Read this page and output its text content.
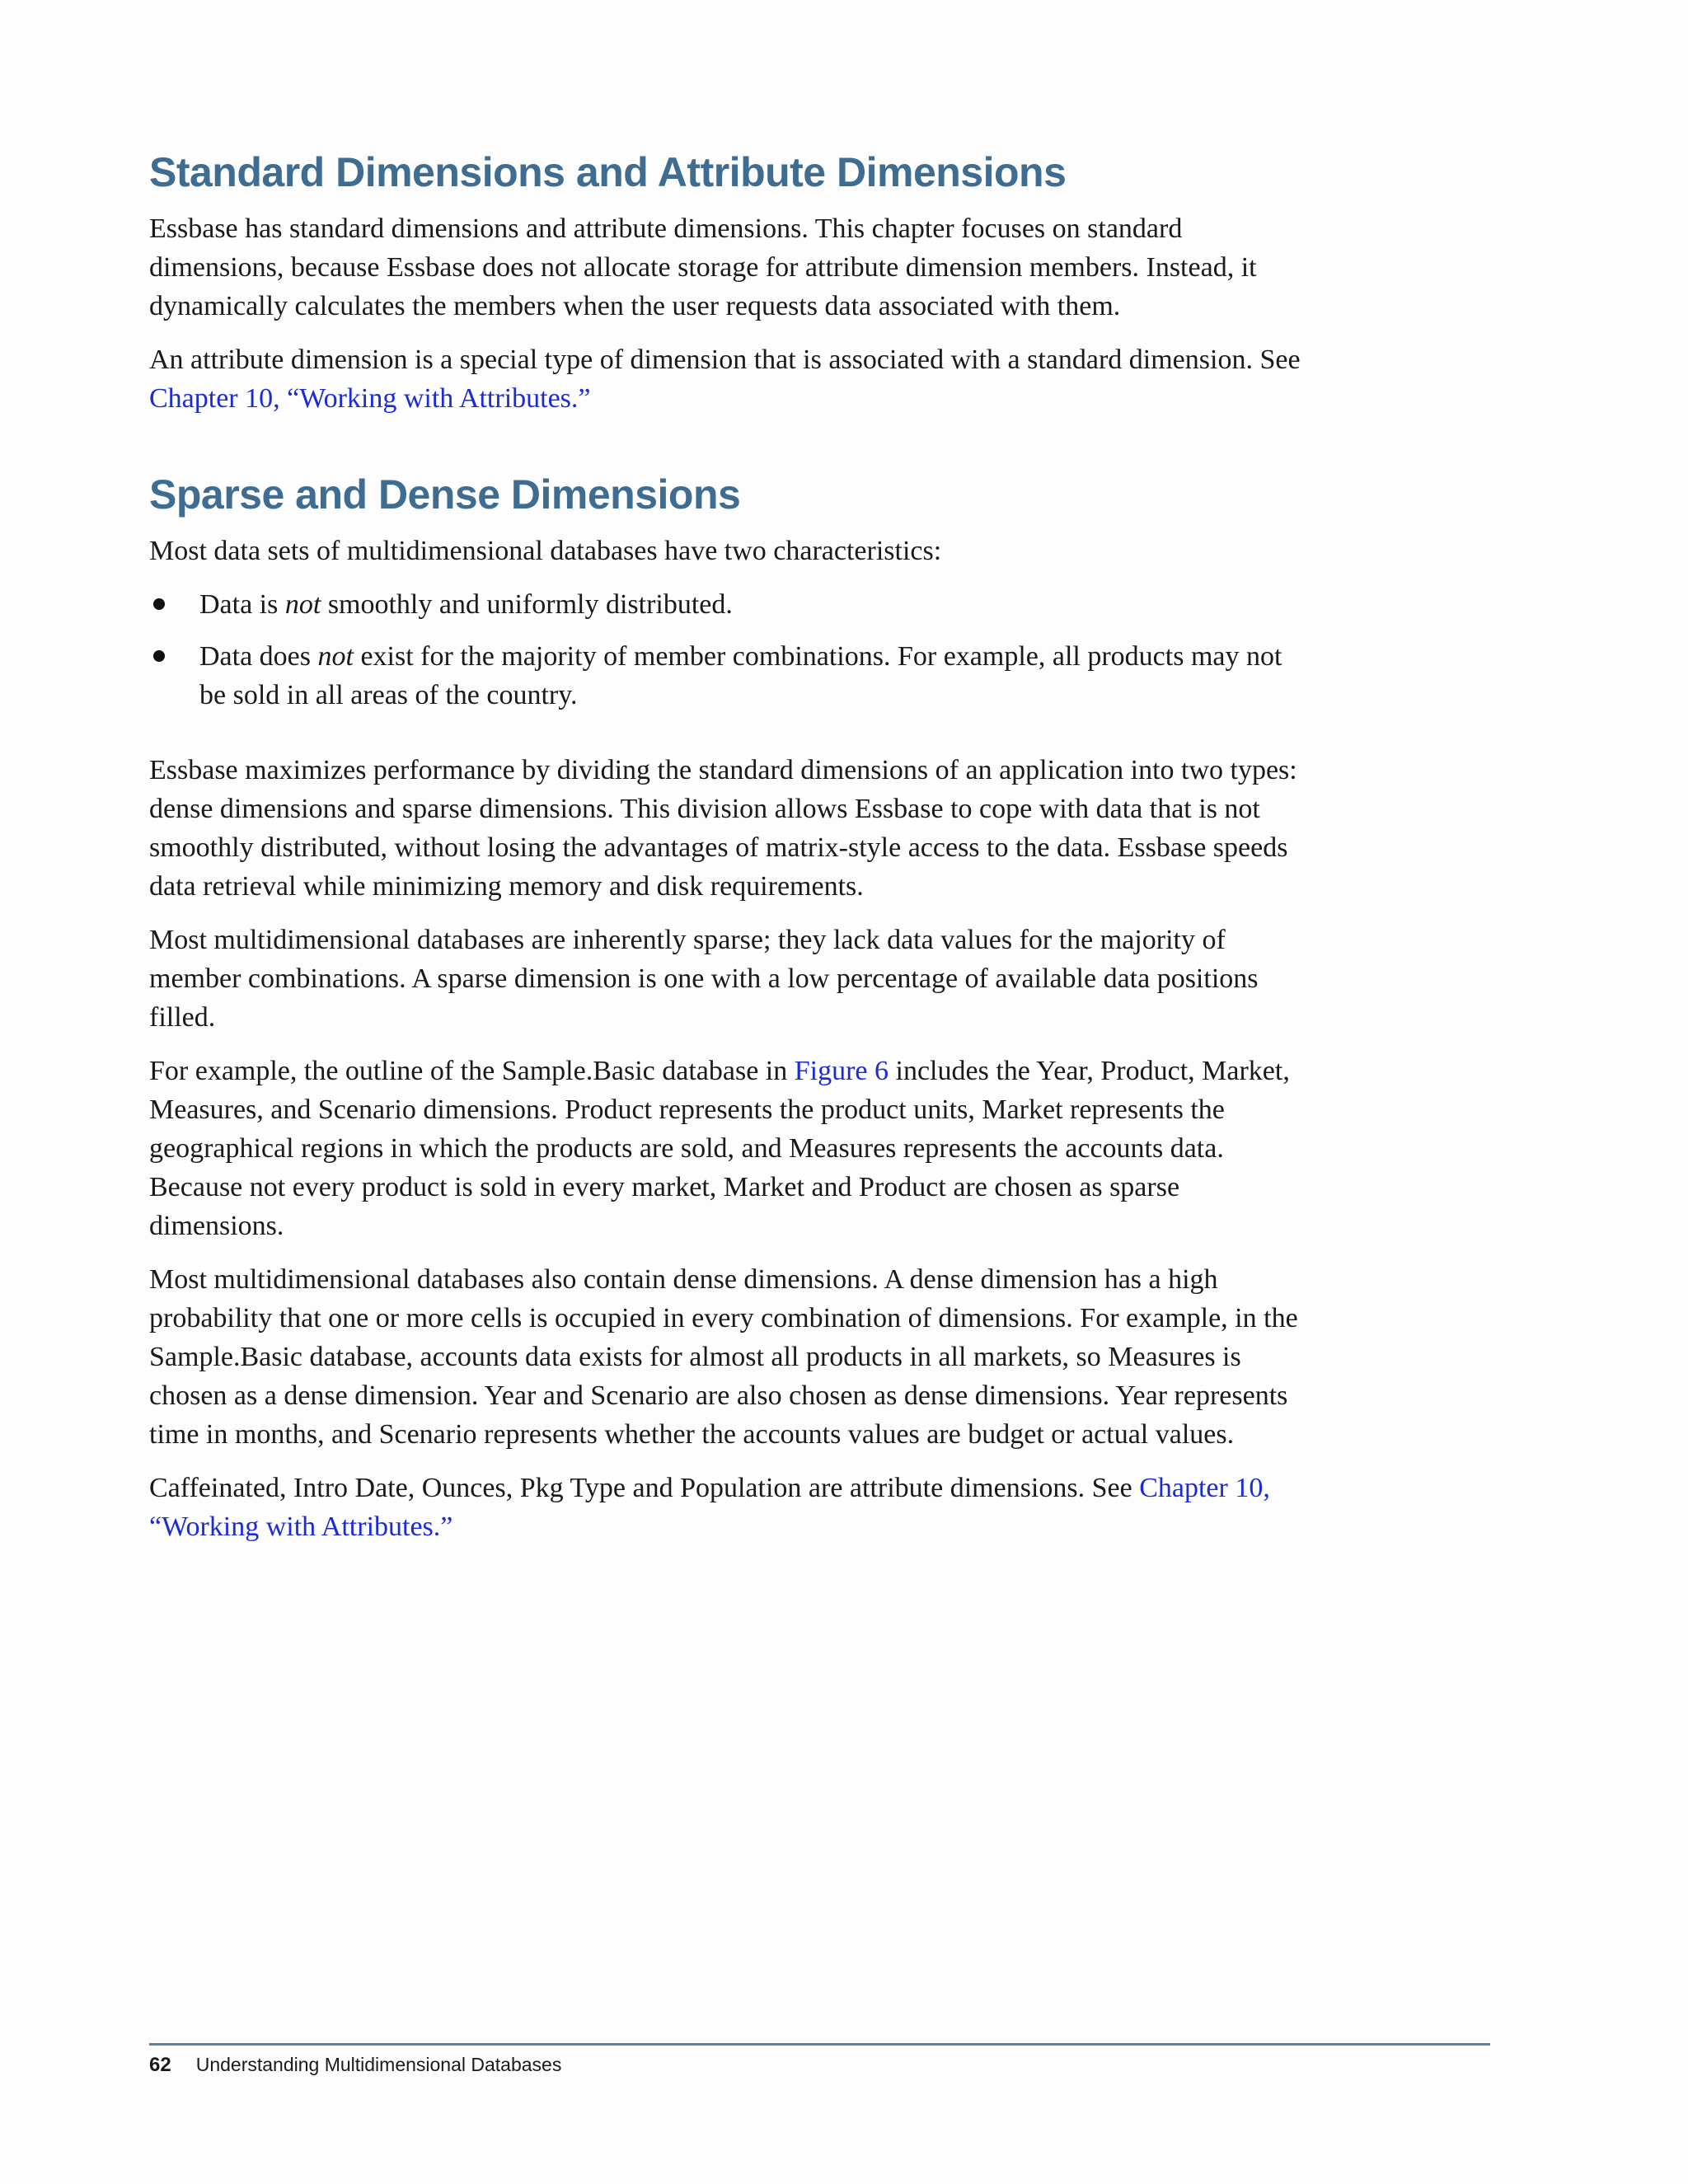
Standard Dimensions and Attribute Dimensions

Essbase has standard dimensions and attribute dimensions. This chapter focuses on standard dimensions, because Essbase does not allocate storage for attribute dimension members. Instead, it dynamically calculates the members when the user requests data associated with them.

An attribute dimension is a special type of dimension that is associated with a standard dimension. See Chapter 10, “Working with Attributes.”

Sparse and Dense Dimensions

Most data sets of multidimensional databases have two characteristics:

Data is not smoothly and uniformly distributed.
Data does not exist for the majority of member combinations. For example, all products may not be sold in all areas of the country.

Essbase maximizes performance by dividing the standard dimensions of an application into two types: dense dimensions and sparse dimensions. This division allows Essbase to cope with data that is not smoothly distributed, without losing the advantages of matrix-style access to the data. Essbase speeds data retrieval while minimizing memory and disk requirements.

Most multidimensional databases are inherently sparse; they lack data values for the majority of member combinations. A sparse dimension is one with a low percentage of available data positions filled.

For example, the outline of the Sample.Basic database in Figure 6 includes the Year, Product, Market, Measures, and Scenario dimensions. Product represents the product units, Market represents the geographical regions in which the products are sold, and Measures represents the accounts data. Because not every product is sold in every market, Market and Product are chosen as sparse dimensions.

Most multidimensional databases also contain dense dimensions. A dense dimension has a high probability that one or more cells is occupied in every combination of dimensions. For example, in the Sample.Basic database, accounts data exists for almost all products in all markets, so Measures is chosen as a dense dimension. Year and Scenario are also chosen as dense dimensions. Year represents time in months, and Scenario represents whether the accounts values are budget or actual values.

Caffeinated, Intro Date, Ounces, Pkg Type and Population are attribute dimensions. See Chapter 10, “Working with Attributes.”

62 Understanding Multidimensional Databases
